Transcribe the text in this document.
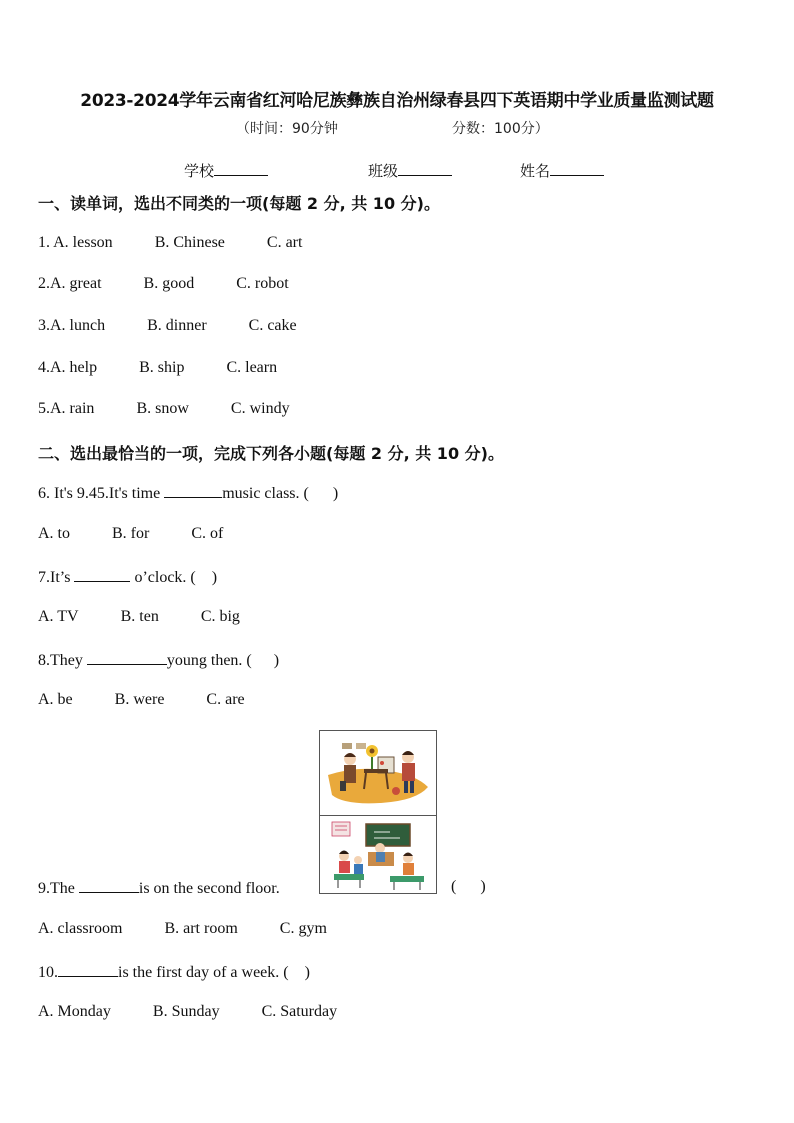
2023-2024学年云南省红河哈尼族彝族自治州绿春县四下英语期中学业质量监测试题
（时间：90分钟	分数：100分）
学校	班级	姓名
一、读单词，选出不同类的一项(每题 2 分, 共 10 分)。
1. A. lesson	B. Chinese	C. art
2.A. great	B. good	C. robot
3.A. lunch	B. dinner	C. cake
4.A. help	B. ship	C. learn
5.A. rain	B. snow	C. windy
二、选出最恰当的一项，完成下列各小题(每题 2 分, 共 10 分)。
6. It's 9.45.It's time	music class. ( )
A. to	B. for	C. of
7.It’s	o’clock. ( )
A. TV	B. ten	C. big
8.They	young then. ( )
A. be	B. were	C. are
9.The	is on the second floor.	( )
A. classroom	B. art room	C. gym
10.	is the first day of a week. ( )
A. Monday	B. Sunday	C. Saturday
